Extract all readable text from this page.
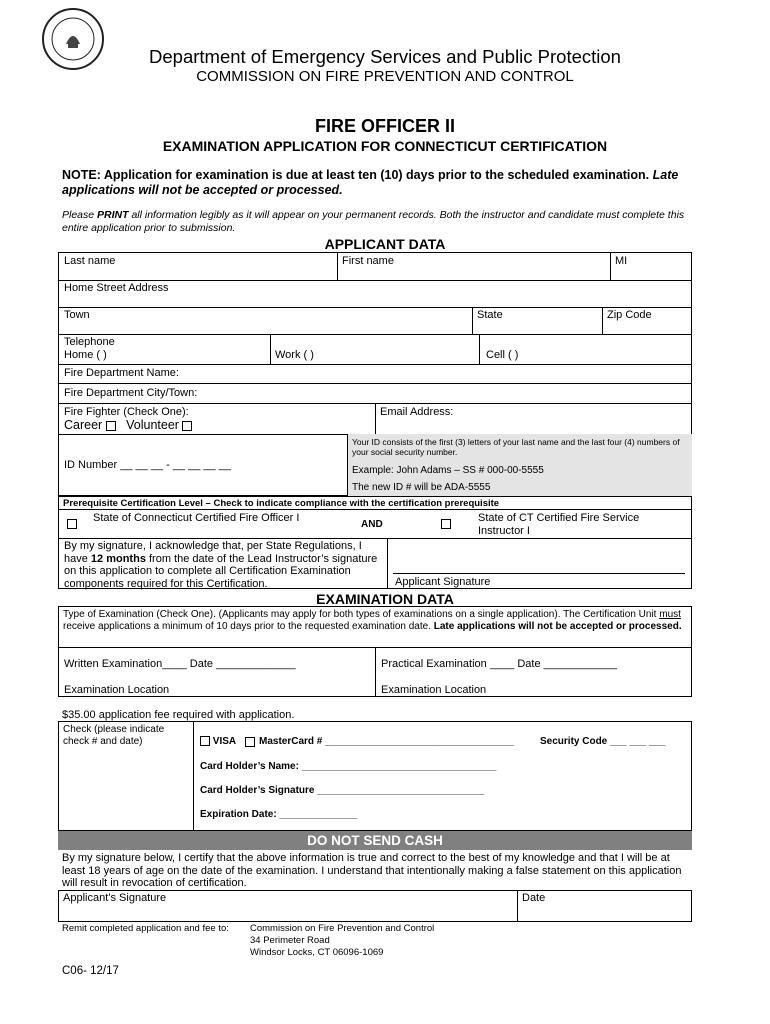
Department of Emergency Services and Public Protection
COMMISSION ON FIRE PREVENTION AND CONTROL
FIRE OFFICER II
EXAMINATION APPLICATION FOR CONNECTICUT CERTIFICATION
NOTE: Application for examination is due at least ten (10) days prior to the scheduled examination. Late applications will not be accepted or processed.
Please PRINT all information legibly as it will appear on your permanent records. Both the instructor and candidate must complete this entire application prior to submission.
APPLICANT DATA
Last name	First name	MI
Home Street Address
Town	State	Zip Code
Telephone
Home ( )	Work ( )	Cell ( )
Fire Department Name:
Fire Department City/Town:
Fire Fighter (Check One):
Career Volunteer
Email Address:
ID Number __ __ __ - __ __ __ __
Your ID consists of the first (3) letters of your last name and the last four (4) numbers of your social security number.
Example: John Adams – SS # 000-00-5555
The new ID # will be ADA-5555
Prerequisite Certification Level – Check to indicate compliance with the certification prerequisite
State of Connecticut Certified Fire Officer I
AND
State of CT Certified Fire Service Instructor I
By my signature, I acknowledge that, per State Regulations, I have 12 months from the date of the Lead Instructor’s signature on this application to complete all Certification Examination components required for this Certification.	Applicant Signature
EXAMINATION DATA
Type of Examination (Check One). (Applicants may apply for both types of examinations on a single application). The Certification Unit must receive applications a minimum of 10 days prior to the requested examination date. Late applications will not be accepted or processed.
Written Examination____ Date _____________	Practical Examination ____ Date ____________
Examination Location	Examination Location
$35.00 application fee required with application.
Check (please indicate check # and date)	VISA MasterCard # __________________________________	Security Code ___ ___ ___
Card Holder’s Name: ___________________________________
Card Holder’s Signature ______________________________
Expiration Date: ______________
DO NOT SEND CASH
By my signature below, I certify that the above information is true and correct to the best of my knowledge and that I will be at least 18 years of age on the date of the examination. I understand that intentionally making a false statement on this application will result in revocation of certification.
Applicant’s Signature	Date
Remit completed application and fee to: Commission on Fire Prevention and Control
34 Perimeter Road
Windsor Locks, CT 06096-1069
C06- 12/17
